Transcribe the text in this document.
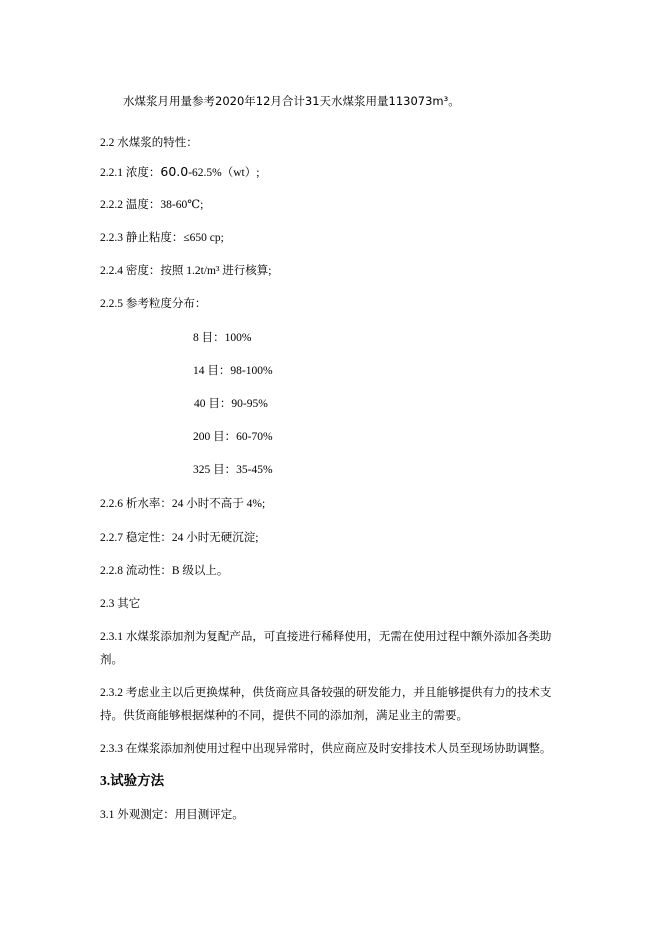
水煤浆月用量参考2020年12月合计31天水煤浆用量113073m³。
2.2 水煤浆的特性：
2.2.1 浓度：60.0-62.5%（wt）;
2.2.2 温度：38-60℃;
2.2.3 静止粘度：≤650 cp;
2.2.4 密度：按照 1.2t/m³ 进行核算;
2.2.5 参考粒度分布：
8 目：100%
14 目：98-100%
40 目：90-95%
200 目：60-70%
325 目：35-45%
2.2.6 析水率：24 小时不高于 4%;
2.2.7 稳定性：24 小时无硬沉淀;
2.2.8 流动性：B 级以上。
2.3 其它
2.3.1 水煤浆添加剂为复配产品，可直接进行稀释使用，无需在使用过程中额外添加各类助剂。
2.3.2 考虑业主以后更换煤种，供货商应具备较强的研发能力，并且能够提供有力的技术支持。供货商能够根据煤种的不同，提供不同的添加剂，满足业主的需要。
2.3.3 在煤浆添加剂使用过程中出现异常时，供应商应及时安排技术人员至现场协助调整。
3.试验方法
3.1 外观测定：用目测评定。
